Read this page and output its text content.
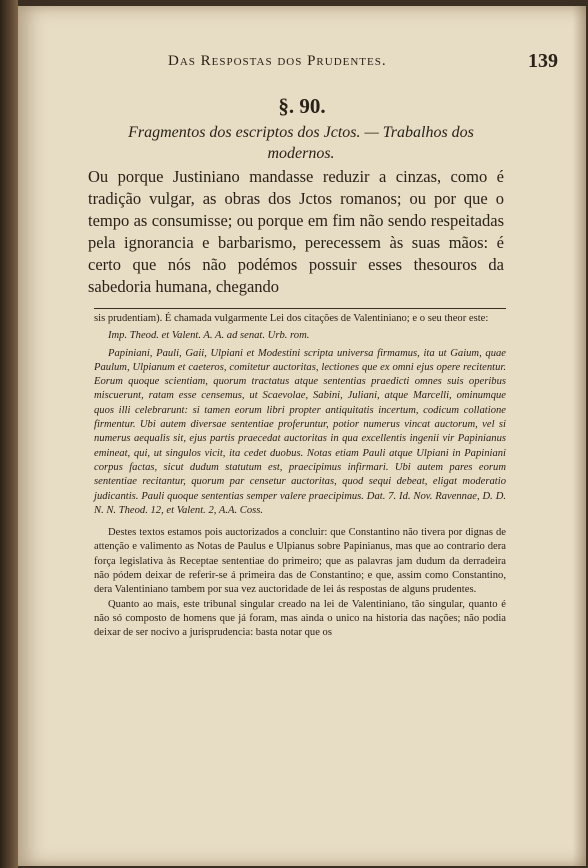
Das Respostas dos Prudentes.	139
§. 90.
Fragmentos dos escriptos dos Jctos. — Trabalhos dos modernos.
Ou porque Justiniano mandasse reduzir a cinzas, como é tradição vulgar, as obras dos Jctos romanos; ou por que o tempo as consumisse; ou porque em fim não sendo respeitadas pela ignorancia e barbarismo, perecessem às suas mãos: é certo que nós não podémos possuir esses thesouros da sabedoria humana, chegando

sis prudentiam). É chamada vulgarmente Lei dos citações de Valentiniano; e o seu theor este:

Imp. Theod. et Valent. A. A. ad senat. Urb. rom.

Papiniani, Pauli, Gaii, Ulpiani et Modestini scripta universa firmamus, ita ut Gaium, quae Paulum, Ulpianum et caeteros, comitetur auctoritas, lectiones que ex omni ejus opere recitentur. Eorum quoque scientiam, quorum tractatus atque sententias praedicti omnes suis operibus miscuerunt, ratam esse censemus, ut Scaevolae, Sabini, Juliani, atque Marcelli, ominumque quos illi celebrarunt: si tamen eorum libri propter antiquitatis incertum, codicum collatione firmentur. Ubi autem diversae sententiae proferuntur, potior numerus vincat auctorum, vel si numerus aequalis sit, ejus partis praecedat auctoritas in qua excellentis ingenii vir Papinianus emineat, qui, ut singulos vicit, ita cedet duobus. Notas etiam Pauli atque Ulpiani in Papiniani corpus factas, sicut dudum statutum est, praecipimus infirmari. Ubi autem pares eorum sententiae recitantur, quorum par censetur auctoritas, quod sequi debeat, eligat moderatio judicantis. Pauli quoque sententias semper valere praecipimus. Dat. 7. Id. Nov. Ravennae, D. D. N. N. Theod. 12, et Valent. 2, A.A. Coss.

Destes textos estamos pois auctorizados a concluir: que Constantino não tivera por dignas de attenção e valimento as Notas de Paulus e Ulpianus sobre Papinianus, mas que ao contrario dera força legislativa às Receptae sententiae do primeiro; que as palavras jam dudum da derradeira não pódem deixar de referir-se á primeira das de Constantino; e que, assim como Constantino, dera Valentiniano tambem por sua vez auctoridade de lei ás respostas de alguns prudentes.

Quanto ao mais, este tribunal singular creado na lei de Valentiniano, tão singular, quanto é não só composto de homens que já foram, mas ainda o unico na historia das nações; não podia deixar de ser nocivo a jurisprudencia: basta notar que os
